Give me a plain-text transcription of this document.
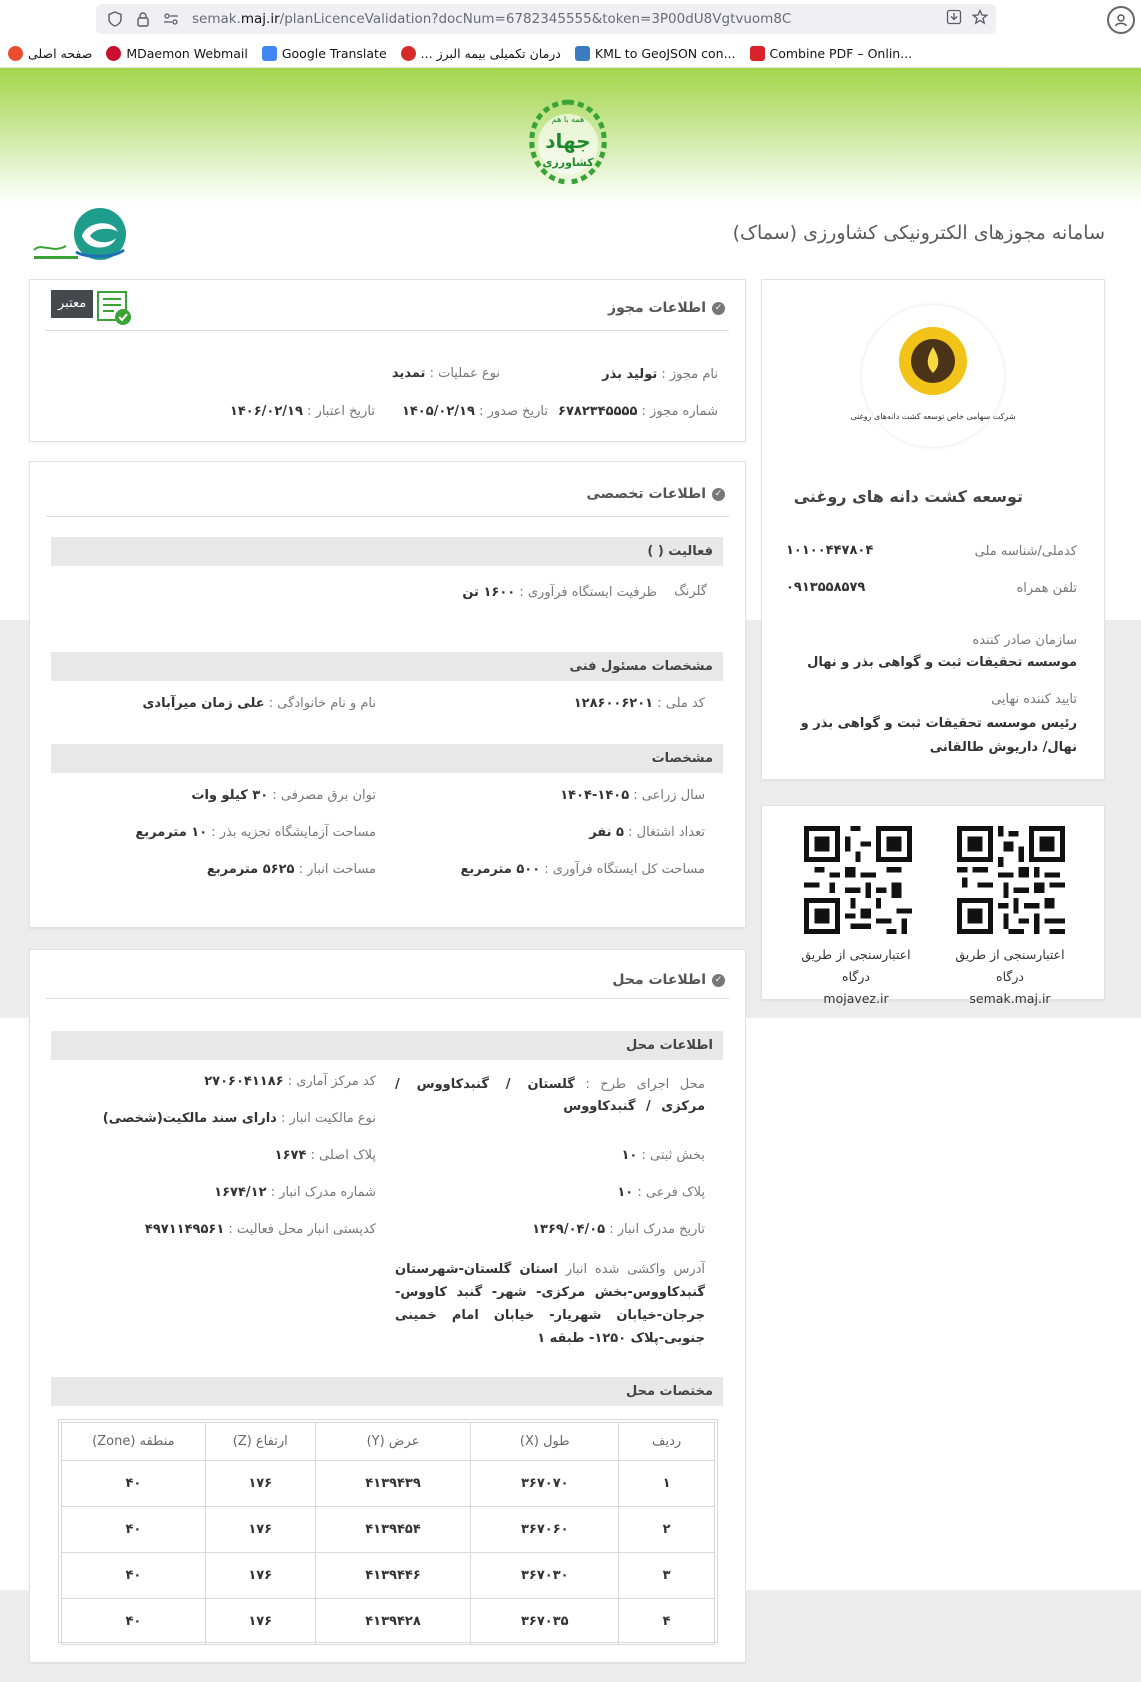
semak.maj.ir/planLicenceValidation?docNum=6782345555&token=3P00dU8Vgtvuom8C
صفحه اصلی	MDaemon Webmail	Google Translate	... درمان تکمیلی بیمه البرز	KML to GeoJSON con...	Combine PDF – Onlin...
همه با هم
جهاد
کشاورزی
سامانه مجوزهای الکترونیکی کشاورزی (سماک)
✓
اطلاعات مجوز
معتبر
نام مجوز : تولید بذر
نوع عملیات : تمدید
شماره مجوز : ۶۷۸۲۳۴۵۵۵۵
تاریخ صدور : ۱۴۰۵/۰۲/۱۹
تاریخ اعتبار : ۱۴۰۶/۰۲/۱۹
✓
اطلاعات تخصصی
فعالیت ( )
گلرنگ
ظرفیت ایستگاه فرآوری : ۱۶۰۰ تن
مشخصات مسئول فنی
کد ملی : ۱۲۸۶۰۰۶۲۰۱
نام و نام خانوادگی : علی زمان میرآبادی
مشخصات
سال زراعی : ۱۴۰۵-۱۴۰۴
توان برق مصرفی : ۳۰ کیلو وات
تعداد اشتغال : ۵ نفر
مساحت آزمایشگاه تجزیه بذر : ۱۰ مترمربع
مساحت کل ایستگاه فرآوری : ۵۰۰ مترمربع
مساحت انبار : ۵۶۲۵ مترمربع
✓
اطلاعات محل
اطلاعات محل
محل اجرای طرح : گلستان / گنبدکاووس / مرکزی / گنبدکاووس
کد مرکز آماری : ۲۷۰۶۰۴۱۱۸۶
نوع مالکیت انبار : دارای سند مالکیت(شخصی)
بخش ثبتی : ۱۰
پلاک اصلی : ۱۶۷۴
پلاک فرعی : ۱۰
شماره مدرک انبار : ۱۶۷۴/۱۲
تاریخ مدرک انبار : ۱۳۶۹/۰۴/۰۵
کدپستی انبار محل فعالیت : ۴۹۷۱۱۴۹۵۶۱
آدرس واکشی شده انبار استان گلستان-شهرستان گنبدکاووس-بخش مرکزی- شهر- گنبد کاووس-جرجان-خیابان شهریار- خیابان امام خمینی جنوبی-پلاک ۱۲۵۰- طبقه ۱
مختصات محل
ردیف	طول (X)	عرض (Y)	ارتفاع (Z)	منطقه (Zone)
۱	۳۶۷۰۷۰	۴۱۳۹۴۳۹	۱۷۶	۴۰
۲	۳۶۷۰۶۰	۴۱۳۹۴۵۴	۱۷۶	۴۰
۳	۳۶۷۰۳۰	۴۱۳۹۴۴۶	۱۷۶	۴۰
۴	۳۶۷۰۳۵	۴۱۳۹۴۲۸	۱۷۶	۴۰
شرکت سهامی خاص توسعه کشت دانه‌های روغنی
توسعه کشت دانه های روغنی
کدملی/شناسه ملی
۱۰۱۰۰۴۴۷۸۰۴
تلفن همراه
۰۹۱۳۵۵۸۵۷۹
سازمان صادر کننده
موسسه تحقیقات ثبت و گواهی بذر و نهال
تایید کننده نهایی
رئیس موسسه تحقیقات ثبت و گواهی بذر و نهال/ داریوش طالقانی
اعتبارسنجی از طریق درگاه
semak.maj.ir
اعتبارسنجی از طریق درگاه
mojavez.ir
